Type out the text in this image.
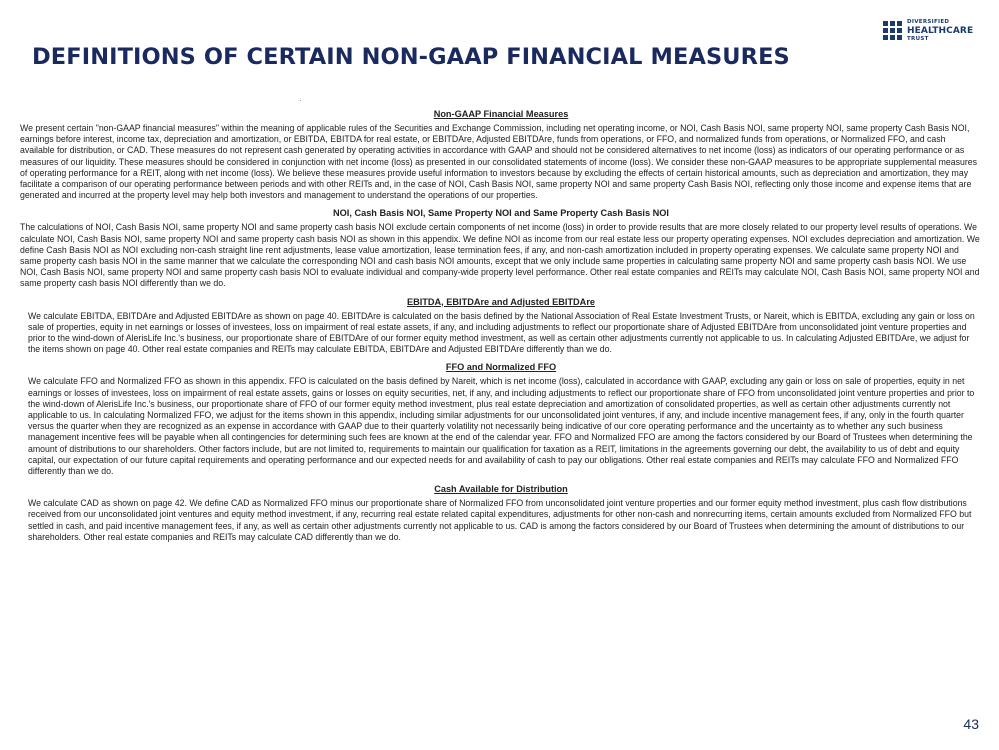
DEFINITIONS OF CERTAIN NON-GAAP FINANCIAL MEASURES
DIVERSIFIED
HEALTHCARE
TRUST
Non-GAAP Financial Measures

We present certain "non-GAAP financial measures" within the meaning of applicable rules of the Securities and Exchange Commission, including net operating income, or NOI, Cash Basis NOI, same property NOI, same property Cash Basis NOI, earnings before interest, income tax, depreciation and amortization, or EBITDA, EBITDA for real estate, or EBITDAre, Adjusted EBITDAre, funds from operations, or FFO, and normalized funds from operations, or Normalized FFO, and cash available for distribution, or CAD. These measures do not represent cash generated by operating activities in accordance with GAAP and should not be considered alternatives to net income (loss) as indicators of our operating performance or as measures of our liquidity. These measures should be considered in conjunction with net income (loss) as presented in our consolidated statements of income (loss). We consider these non-GAAP measures to be appropriate supplemental measures of operating performance for a REIT, along with net income (loss). We believe these measures provide useful information to investors because by excluding the effects of certain historical amounts, such as depreciation and amortization, they may facilitate a comparison of our operating performance between periods and with other REITs and, in the case of NOI, Cash Basis NOI, same property NOI and same property Cash Basis NOI, reflecting only those income and expense items that are generated and incurred at the property level may help both investors and management to understand the operations of our properties.

NOI, Cash Basis NOI, Same Property NOI and Same Property Cash Basis NOI

The calculations of NOI, Cash Basis NOI, same property NOI and same property cash basis NOI exclude certain components of net income (loss) in order to provide results that are more closely related to our property level results of operations. We calculate NOI, Cash Basis NOI, same property NOI and same property cash basis NOI as shown in this appendix. We define NOI as income from our real estate less our property operating expenses. NOI excludes depreciation and amortization. We define Cash Basis NOI as NOI excluding non-cash straight line rent adjustments, lease value amortization, lease termination fees, if any, and non-cash amortization included in property operating expenses. We calculate same property NOI and same property cash basis NOI in the same manner that we calculate the corresponding NOI and cash basis NOI amounts, except that we only include same properties in calculating same property NOI and same property cash basis NOI. We use NOI, Cash Basis NOI, same property NOI and same property cash basis NOI to evaluate individual and company-wide property level performance. Other real estate companies and REITs may calculate NOI, Cash Basis NOI, same property NOI and same property cash basis NOI differently than we do.

EBITDA, EBITDAre and Adjusted EBITDAre

We calculate EBITDA, EBITDAre and Adjusted EBITDAre as shown on page 40. EBITDAre is calculated on the basis defined by the National Association of Real Estate Investment Trusts, or Nareit, which is EBITDA, excluding any gain or loss on sale of properties, equity in net earnings or losses of investees, loss on impairment of real estate assets, if any, and including adjustments to reflect our proportionate share of Adjusted EBITDAre from unconsolidated joint venture properties and prior to the wind-down of AlerisLife Inc.'s business, our proportionate share of EBITDAre of our former equity method investment, as well as certain other adjustments currently not applicable to us. In calculating Adjusted EBITDAre, we adjust for the items shown on page 40. Other real estate companies and REITs may calculate EBITDA, EBITDAre and Adjusted EBITDAre differently than we do.

FFO and Normalized FFO

We calculate FFO and Normalized FFO as shown in this appendix. FFO is calculated on the basis defined by Nareit, which is net income (loss), calculated in accordance with GAAP, excluding any gain or loss on sale of properties, equity in net earnings or losses of investees, loss on impairment of real estate assets, gains or losses on equity securities, net, if any, and including adjustments to reflect our proportionate share of FFO from unconsolidated joint venture properties and prior to the wind-down of AlerisLife Inc.'s business, our proportionate share of FFO of our former equity method investment, plus real estate depreciation and amortization of consolidated properties, as well as certain other adjustments currently not applicable to us. In calculating Normalized FFO, we adjust for the items shown in this appendix, including similar adjustments for our unconsolidated joint ventures, if any, and include incentive management fees, if any, only in the fourth quarter versus the quarter when they are recognized as an expense in accordance with GAAP due to their quarterly volatility not necessarily being indicative of our core operating performance and the uncertainty as to whether any such business management incentive fees will be payable when all contingencies for determining such fees are known at the end of the calendar year. FFO and Normalized FFO are among the factors considered by our Board of Trustees when determining the amount of distributions to our shareholders. Other factors include, but are not limited to, requirements to maintain our qualification for taxation as a REIT, limitations in the agreements governing our debt, the availability to us of debt and equity capital, our expectation of our future capital requirements and operating performance and our expected needs for and availability of cash to pay our obligations. Other real estate companies and REITs may calculate FFO and Normalized FFO differently than we do.

Cash Available for Distribution

We calculate CAD as shown on page 42. We define CAD as Normalized FFO minus our proportionate share of Normalized FFO from unconsolidated joint venture properties and our former equity method investment, plus cash flow distributions received from our unconsolidated joint ventures and equity method investment, if any, recurring real estate related capital expenditures, adjustments for other non-cash and nonrecurring items, certain amounts excluded from Normalized FFO but settled in cash, and paid incentive management fees, if any, as well as certain other adjustments currently not applicable to us. CAD is among the factors considered by our Board of Trustees when determining the amount of distributions to our shareholders. Other real estate companies and REITs may calculate CAD differently than we do.

43
